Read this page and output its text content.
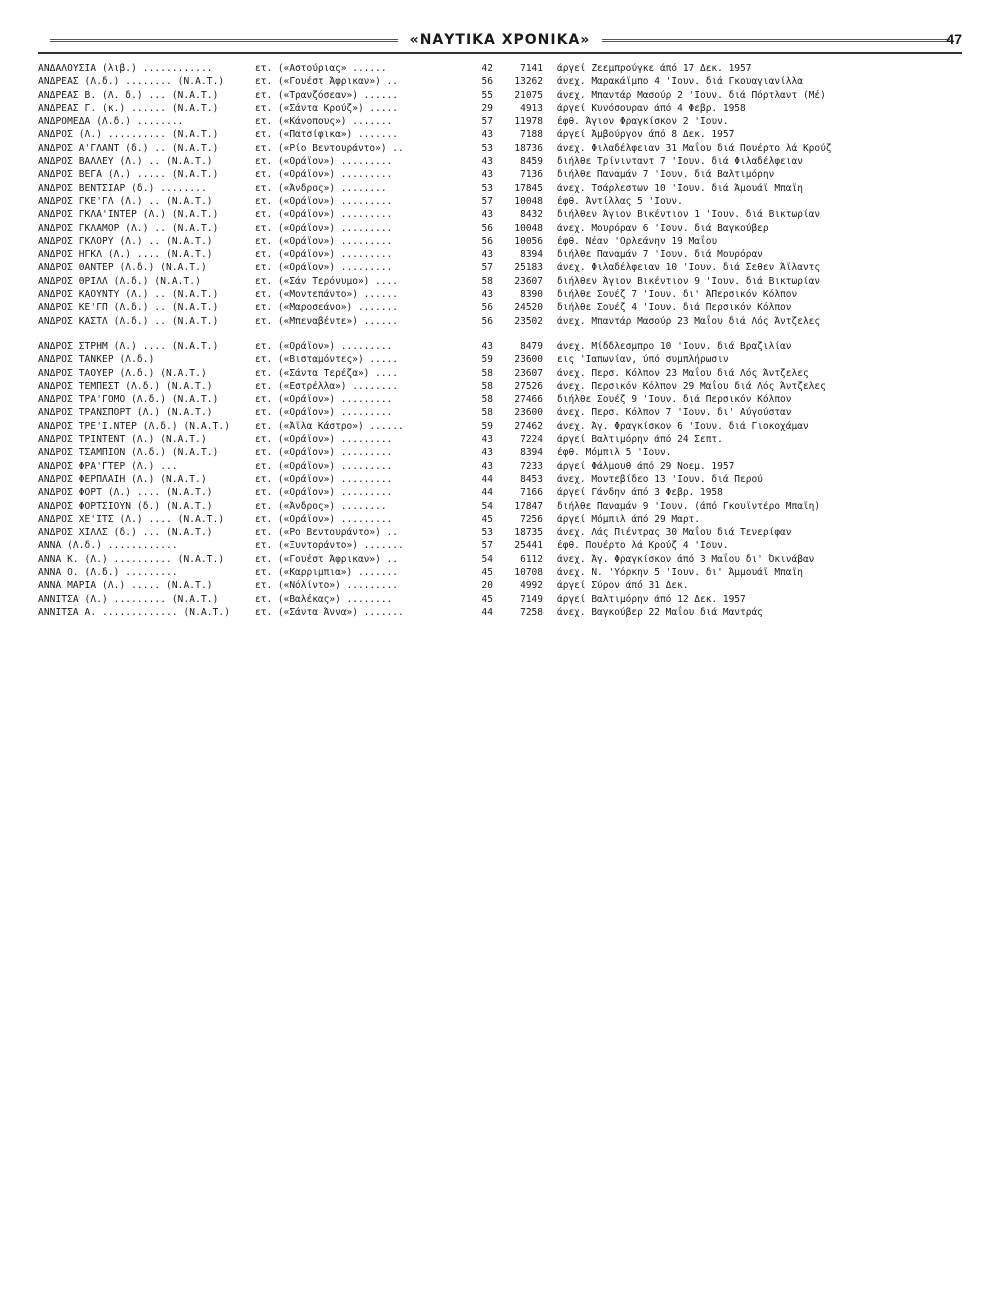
«ΝΑΥΤΙΚΑ ΧΡΟΝΙΚΑ»	47
ΑΝΔΑΛΟΥΣΙΑ (λιβ.) ............	ετ. («Αστούριας» ......	42	7141	άργεί Ζεεμπρούγκε άπό 17 Δεκ. 1957
ΑΝΔΡΕΑΣ (Λ.δ.) ........ (Ν.Α.Τ.)	ετ. («Γουέστ Άφρικαν») ..	56	13262	άνεχ. Μαρακάϊμπο 4 'Ιουν. διά Γκουαγιανίλλα
ΑΝΔΡΕΑΣ Β. (Λ. δ.) ... (Ν.Α.Τ.)	ετ. («Τρανζόσεαν») ......	55	21075	άνεχ. Μπαντάρ Μασούρ 2 'Ιουν. διά Πόρτλαντ (Μέ)
ΑΝΔΡΕΑΣ Γ. (κ.) ...... (Ν.Α.Τ.)	ετ. («Σάντα Κρούζ») .....	29	4913	άργεί Κυνόσουραν άπό 4 Φεβρ. 1958
ΑΝΔΡΟΜΕΔΑ (Λ.δ.) ........	ετ. («Κάνοπους») .......	57	11978	έφθ. Άγιον Φραγκίσκον 2 'Ιουν.
ΑΝΔΡΟΣ (Λ.) .......... (Ν.Α.Τ.)	ετ. («Πατσίφικα») .......	43	7188	άργεί Άμβούργον άπό 8 Δεκ. 1957
ΑΝΔΡΟΣ Α'ΓΛΑΝΤ (δ.) .. (Ν.Α.Τ.)	ετ. («Ρίο Βεντουράντο») ..	53	18736	άνεχ. Φιλαδέλφειαν 31 Μαΐου διά Πουέρτο λά Κρούζ
ΑΝΔΡΟΣ ΒΑΛΛΕΥ (Λ.) .. (Ν.Α.Τ.)	ετ. («Οράϊον») .........	43	8459	διήλθε Τρίνινταντ 7 'Ιουν. διά Φιλαδέλφειαν
ΑΝΔΡΟΣ ΒΕΓΑ (Λ.) ..... (Ν.Α.Τ.)	ετ. («Οράϊον») .........	43	7136	διήλθε Παναμάν 7 'Ιουν. διά Βαλτιμόρην
ΑΝΔΡΟΣ ΒΕΝΤΣΙΑΡ (δ.) ........	ετ. («Άνδρος») ........	53	17845	άνεχ. Τσάρλεστων 10 'Ιουν. διά Άμουάϊ Μπαϊη
ΑΝΔΡΟΣ ΓΚΕ'ΓΛ (Λ.) .. (Ν.Α.Τ.)	ετ. («Οράϊον») .........	57	10048	έφθ. Άντίλλας 5 'Ιουν.
ΑΝΔΡΟΣ ΓΚΛΑ'ΙΝΤΕΡ (Λ.) (Ν.Α.Τ.)	ετ. («Οράϊον») .........	43	8432	διήλθεν Άγιον Βικέντιον 1 'Ιουν. διά Βικτωρίαν
ΑΝΔΡΟΣ ΓΚΛΑΜΟΡ (Λ.) .. (Ν.Α.Τ.)	ετ. («Οράϊον») .........	56	10048	άνεχ. Μουρόραν 6 'Ιουν. διά Βαγκούβερ
ΑΝΔΡΟΣ ΓΚΛΟΡΥ (Λ.) .. (Ν.Α.Τ.)	ετ. («Οράϊον») .........	56	10056	έφθ. Νέαν 'Ορλεάνην 19 Μαΐου
ΑΝΔΡΟΣ ΗΓΚΛ (Λ.) .... (Ν.Α.Τ.)	ετ. («Οράϊον») .........	43	8394	διήλθε Παναμάν 7 'Ιουν. διά Μουρόραν
ΑΝΔΡΟΣ ΘΑΝΤΕΡ (Λ.δ.) (Ν.Α.Τ.)	ετ. («Οράϊον») .........	57	25183	άνεχ. Φιλαδέλφειαν 10 'Ιουν. διά Σεθεν Άϊλαντς
ΑΝΔΡΟΣ ΘΡΙΛΛ (Λ.δ.) (Ν.Α.Τ.)	ετ. («Σάν Τερόνυμο») ....	58	23607	διήλθεν Άγιον Βικέντιον 9 'Ιουν. διά Βικτωρίαν
ΑΝΔΡΟΣ ΚΑΟΥΝΤΥ (Λ.) .. (Ν.Α.Τ.)	ετ. («Μοντεπάντο») ......	43	8390	διήλθε Σουέζ 7 'Ιουν. δι' ΆΠερσικόν Κόλπον
ΑΝΔΡΟΣ ΚΕ'ΓΠ (Λ.δ.) .. (Ν.Α.Τ.)	ετ. («Μαροσεάνο») .......	56	24520	διήλθε Σουέζ 4 'Ιουν. διά Περσικόν Κόλπον
ΑΝΔΡΟΣ ΚΑΣΤΛ (Λ.δ.) .. (Ν.Α.Τ.)	ετ. («Μπεναβέντε») ......	56	23502	άνεχ. Μπαντάρ Μασούρ 23 Μαΐου διά Λός Άντζελες
ΑΝΔΡΟΣ ΣΤΡΗΜ (Λ.) .... (Ν.Α.Τ.)	ετ. («Οράϊον») .........	43	8479	άνεχ. Μίδδλεσμπρο 10 'Ιουν. διά Βραζιλίαν
ΑΝΔΡΟΣ ΤΑΝΚΕΡ (Λ.δ.)	ετ. («Βισταμόντες») .....	59	23600	εις 'Ιαπωνίαν, ύπό συμπλήρωσιν
ΑΝΔΡΟΣ ΤΑΟΥΕΡ (Λ.δ.) (Ν.Α.Τ.)	ετ. («Σάντα Τερέζα») ....	58	23607	άνεχ. Περσ. Κόλπον 23 Μαΐου διά Λός Άντζελες
ΑΝΔΡΟΣ ΤΕΜΠΕΣΤ (Λ.δ.) (Ν.Α.Τ.)	ετ. («Εστρέλλα») ........	58	27526	άνεχ. Περσικόν Κόλπον 29 Μαΐου διά Λός Άντζελες
ΑΝΔΡΟΣ ΤΡΑ'ΓΟΜΟ (Λ.δ.) (Ν.Α.Τ.)	ετ. («Οράϊον») .........	58	27466	διήλθε Σουέζ 9 'Ιουν. διά Περσικόν Κόλπον
ΑΝΔΡΟΣ ΤΡΑΝΣΠΟΡΤ (Λ.) (Ν.Α.Τ.)	ετ. («Οράϊον») .........	58	23600	άνεχ. Περσ. Κόλπον 7 'Ιουν. δι' Αύγούσταν
ΑΝΔΡΟΣ ΤΡΕ'Ι.ΝΤΕΡ (Λ.δ.) (Ν.Α.Τ.)	ετ. («Άϊλα Κάστρο») ......	59	27462	άνεχ. Άγ. Φραγκίσκον 6 'Ιουν. διά Γιοκοχάμαν
ΑΝΔΡΟΣ ΤΡΙΝΤΕΝΤ (Λ.) (Ν.Α.Τ.)	ετ. («Οράϊον») .........	43	7224	άργεί Βαλτιμόρην άπό 24 Σεπτ.
ΑΝΔΡΟΣ ΤΣΑΜΠΙΟΝ (Λ.δ.) (Ν.Α.Τ.)	ετ. («Οράϊον») .........	43	8394	έφθ. Μόμπιλ 5 'Ιουν.
ΑΝΔΡΟΣ ΦΡΑ'ΓΤΕΡ (Λ.) ...	ετ. («Οράϊον») .........	43	7233	άργεί Φάλμουθ άπό 29 Νοεμ. 1957
ΑΝΔΡΟΣ ΦΕΡΠΛΑΙΗ (Λ.) (Ν.Α.Τ.)	ετ. («Οράϊον») .........	44	8453	άνεχ. Μοντεβίδεο 13 'Ιουν. διά Περού
ΑΝΔΡΟΣ ΦΟΡΤ (Λ.) .... (Ν.Α.Τ.)	ετ. («Οράϊον») .........	44	7166	άργεί Γάνδην άπό 3 Φεβρ. 1958
ΑΝΔΡΟΣ ΦΟΡΤΣΙΟΥΝ (δ.) (Ν.Α.Τ.)	ετ. («Άνδρος») ........	54	17847	διήλθε Παναμάν 9 'Ιουν. (άπό Γκουϊντέρο Μπαϊη)
ΑΝΔΡΟΣ ΧΕ'ΙΤΣ (Λ.) .... (Ν.Α.Τ.)	ετ. («Οράϊον») .........	45	7256	άργεί Μόμπιλ άπό 29 Μαρτ.
ΑΝΔΡΟΣ ΧΙΛΛΣ (δ.) ... (Ν.Α.Τ.)	ετ. («Ρο Βεντουράντο») ..	53	18735	άνεχ. Λάς Πιέντρας 30 Μαΐου διά Τενερίφαν
ΑΝΝΑ (Λ.δ.) ............	ετ. («Ξυντοράντο») .......	57	25441	έφθ. Πουέρτο λά Κρούζ 4 'Ιουν.
ΑΝΝΑ Κ. (Λ.) .......... (Ν.Α.Τ.)	ετ. («Γουέστ Άφρικαν») ..	54	6112	άνεχ. Άγ. Φραγκίσκον άπό 3 Μαΐου δι' Όκινάβαν
ΑΝΝΑ Ο. (Λ.δ.) .........	ετ. («Καρριμπια») .......	45	10708	άνεχ. Ν. 'Υόρκην 5 'Ιουν. δι' Άμμουάϊ Μπαϊη
ΑΝΝΑ ΜΑΡΙΑ (Λ.) ..... (Ν.Α.Τ.)	ετ. («Νόλίντο») .........	20	4992	άργεί Σύρον άπό 31 Δεκ.
ΑΝΝΙΤΣΑ (Λ.) ......... (Ν.Α.Τ.)	ετ. («Βαλέκας») ........	45	7149	άργεί Βαλτιμόρην άπό 12 Δεκ. 1957
ΑΝΝΙΤΣΑ Α. ............. (Ν.Α.Τ.)	ετ. («Σάντα Άννα») .......	44	7258	άνεχ. Βαγκούβερ 22 Μαΐου διά Μαντράς
